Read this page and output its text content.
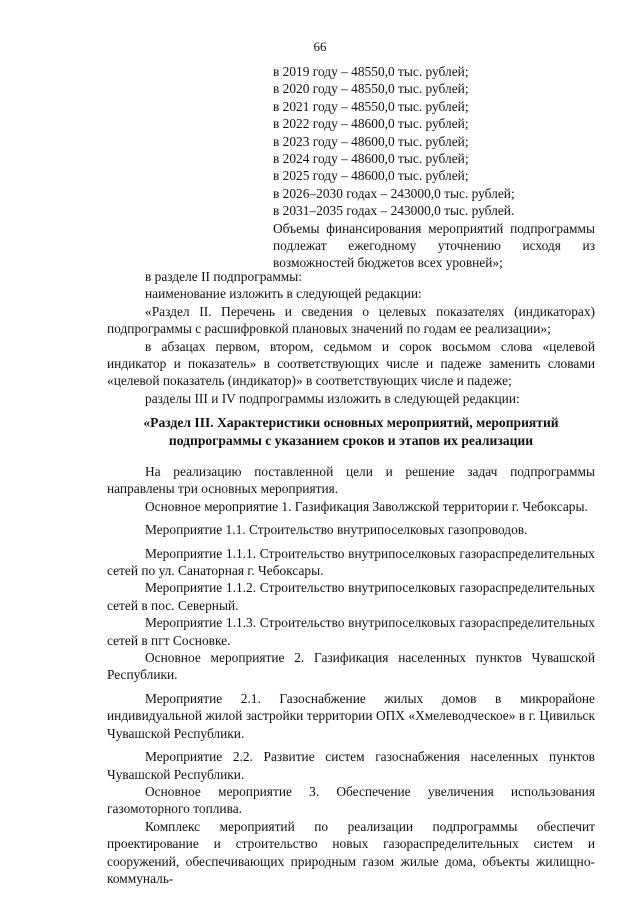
66
в 2019 году – 48550,0 тыс. рублей;
в 2020 году – 48550,0 тыс. рублей;
в 2021 году – 48550,0 тыс. рублей;
в 2022 году – 48600,0 тыс. рублей;
в 2023 году – 48600,0 тыс. рублей;
в 2024 году – 48600,0 тыс. рублей;
в 2025 году – 48600,0 тыс. рублей;
в 2026–2030 годах – 243000,0 тыс. рублей;
в 2031–2035 годах – 243000,0 тыс. рублей.
Объемы финансирования мероприятий подпрограммы подлежат ежегодному уточнению исходя из возможностей бюджетов всех уровней»;

в разделе II подпрограммы:

наименование изложить в следующей редакции:

«Раздел II. Перечень и сведения о целевых показателях (индикаторах) подпрограммы с расшифровкой плановых значений по годам ее реализации»;

в абзацах первом, втором, седьмом и сорок восьмом слова «целевой индикатор и показатель» в соответствующих числе и падеже заменить словами «целевой показатель (индикатор)» в соответствующих числе и падеже;

разделы III и IV подпрограммы изложить в следующей редакции:

«Раздел III. Характеристики основных мероприятий, мероприятий подпрограммы с указанием сроков и этапов их реализации

На реализацию поставленной цели и решение задач подпрограммы направлены три основных мероприятия.

Основное мероприятие 1. Газификация Заволжской территории г. Чебоксары.

Мероприятие 1.1. Строительство внутрипоселковых газопроводов.

Мероприятие 1.1.1. Строительство внутрипоселковых газораспределительных сетей по ул. Санаторная г. Чебоксары.

Мероприятие 1.1.2. Строительство внутрипоселковых газораспределительных сетей в пос. Северный.

Мероприятие 1.1.3. Строительство внутрипоселковых газораспределительных сетей в пгт Сосновке.

Основное мероприятие 2. Газификация населенных пунктов Чувашской Республики.

Мероприятие 2.1. Газоснабжение жилых домов в микрорайоне индивидуальной жилой застройки территории ОПХ «Хмелеводческое» в г. Цивильск Чувашской Республики.

Мероприятие 2.2. Развитие систем газоснабжения населенных пунктов Чувашской Республики.

Основное мероприятие 3. Обеспечение увеличения использования газомоторного топлива.

Комплекс мероприятий по реализации подпрограммы обеспечит проектирование и строительство новых газораспределительных систем и сооружений, обеспечивающих природным газом жилые дома, объекты жилищно-коммуналь-
